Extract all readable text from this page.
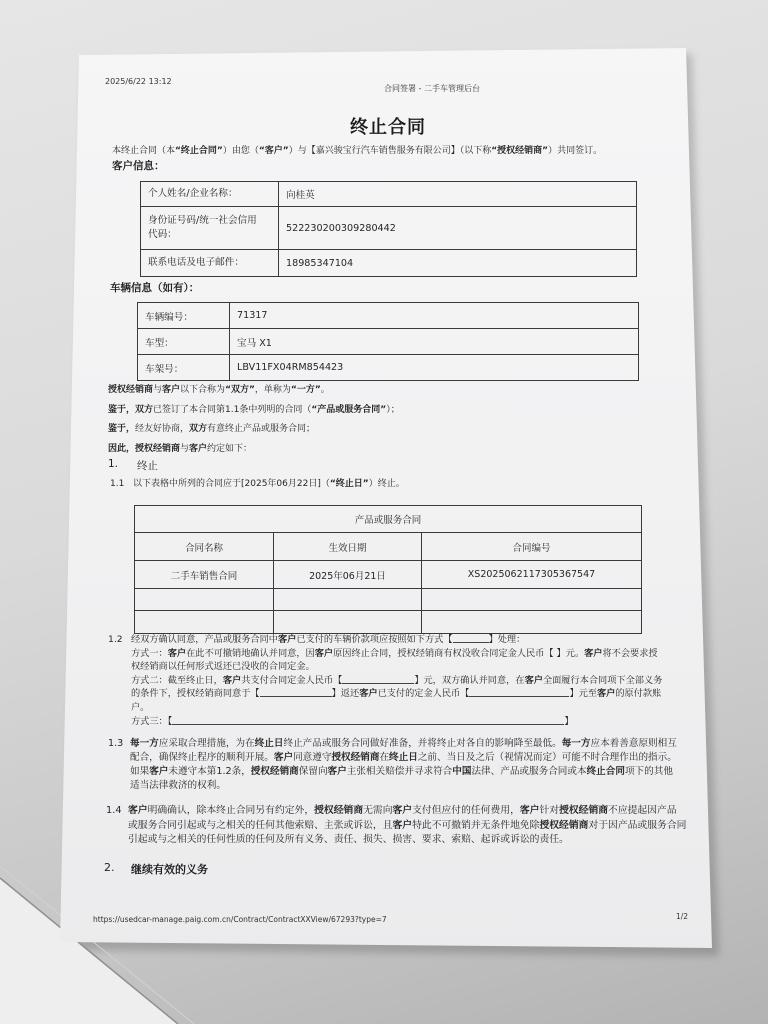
2025/6/22 13:12
合同签署 - 二手车管理后台
终止合同
本终止合同（本“终止合同”）由您（“客户”）与【嘉兴骏宝行汽车销售服务有限公司】（以下称“授权经销商”）共同签订。
客户信息：
个人姓名/企业名称：	向桂英
身份证号码/统一社会信用代码：	522230200309280442
联系电话及电子邮件：	18985347104
车辆信息（如有）：
车辆编号：	71317
车型：	宝马 X1
车架号：	LBV11FX04RM854423
授权经销商与客户以下合称为“双方”，单称为“一方”。
鉴于，双方已签订了本合同第1.1条中列明的合同（“产品或服务合同”）；
鉴于，经友好协商，双方有意终止产品或服务合同；
因此，授权经销商与客户约定如下：
1. 终止
1.1 以下表格中所列的合同应于[2025年06月22日]（“终止日”）终止。
产品或服务合同		
合同名称	生效日期	合同编号
二手车销售合同	2025年06月21日	XS2025062117305367547

1.2 经双方确认同意，产品或服务合同中客户已支付的车辆价款项应按照如下方式【	】处理：
方式一：客户在此不可撤销地确认并同意，因客户原因终止合同，授权经销商有权没收合同定金人民币【 】元。客户将不会要求授
权经销商以任何形式返还已没收的合同定金。
方式二：截至终止日，客户共支付合同定金人民币【	】元，双方确认并同意，在客户全面履行本合同项下全部义务
的条件下，授权经销商同意于【	】返还客户已支付的定金人民币【	】元至客户的原付款账
户。
方式三：【	】
1.3 每一方应采取合理措施，为在终止日终止产品或服务合同做好准备，并将终止对各自的影响降至最低。每一方应本着善意原则相互
配合，确保终止程序的顺利开展。客户同意遵守授权经销商在终止日之前、当日及之后（视情况而定）可能不时合理作出的指示。
如果客户未遵守本第1.2条，授权经销商保留向客户主张相关赔偿并寻求符合中国法律、产品或服务合同或本终止合同项下的其他
适当法律救济的权利。
1.4 客户明确确认，除本终止合同另有约定外，授权经销商无需向客户支付但应付的任何费用，客户针对授权经销商不应提起因产品
或服务合同引起或与之相关的任何其他索赔、主张或诉讼，且客户特此不可撤销并无条件地免除授权经销商对于因产品或服务合同
引起或与之相关的任何性质的任何及所有义务、责任、损失、损害、要求、索赔、起诉或诉讼的责任。
2. 继续有效的义务
https://usedcar-manage.paig.com.cn/Contract/ContractXXView/67293?type=7	1/2
